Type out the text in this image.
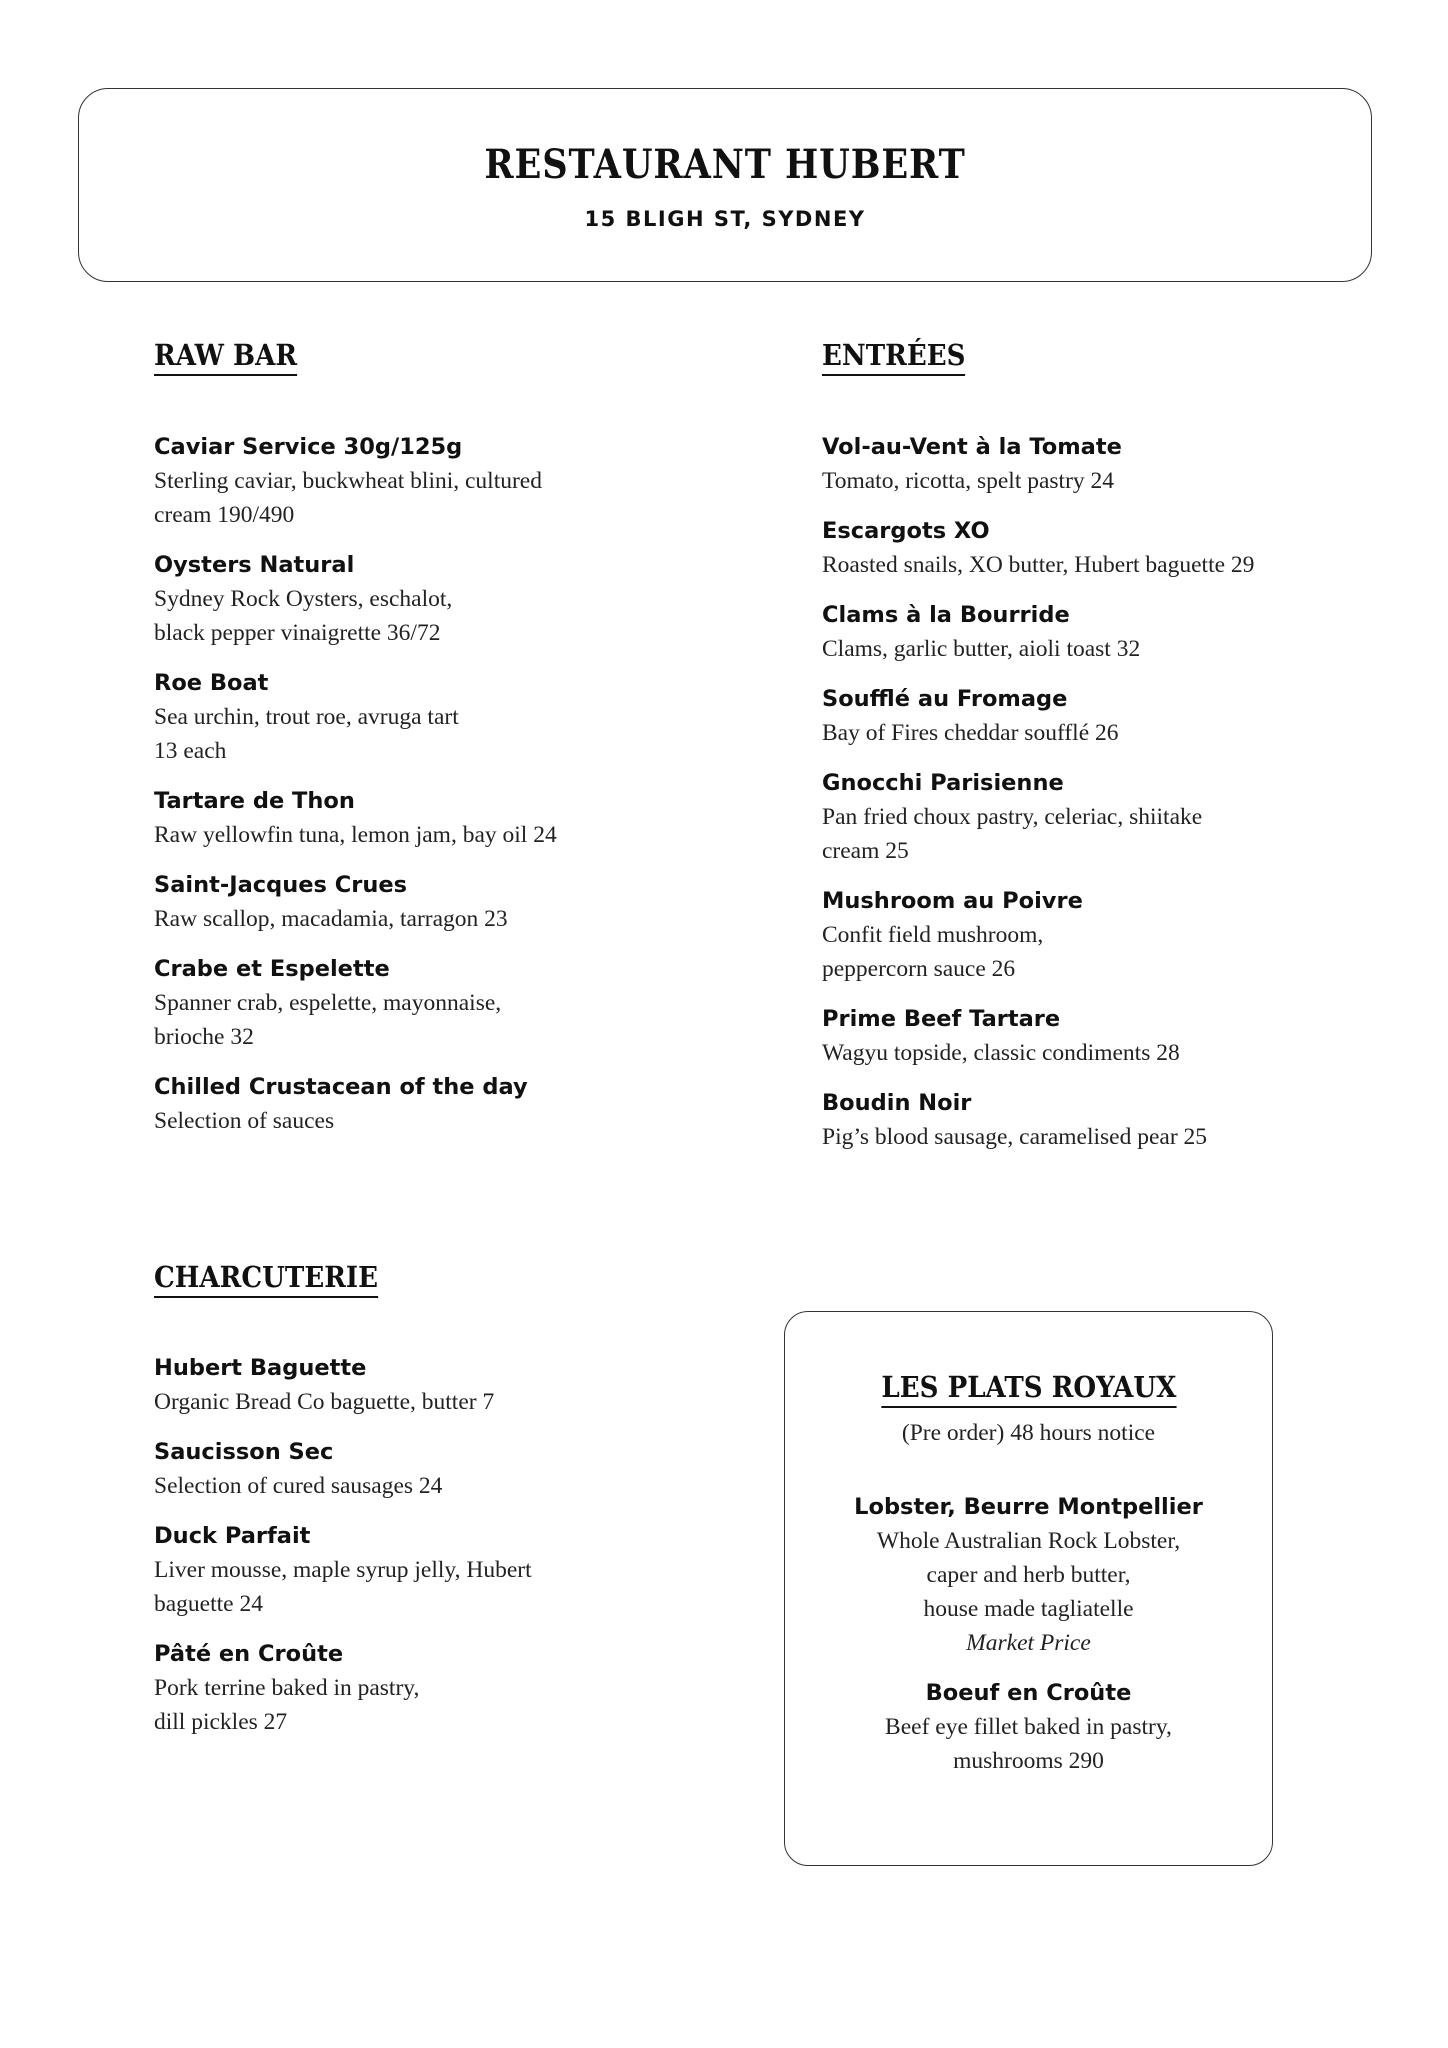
RESTAURANT HUBERT
15 BLIGH ST, SYDNEY
RAW BAR
Caviar Service 30g/125g
Sterling caviar, buckwheat blini, cultured
cream 190/490
Oysters Natural
Sydney Rock Oysters, eschalot,
black pepper vinaigrette 36/72
Roe Boat
Sea urchin, trout roe, avruga tart
13 each
Tartare de Thon
Raw yellowfin tuna, lemon jam, bay oil 24
Saint-Jacques Crues
Raw scallop, macadamia, tarragon 23
Crabe et Espelette
Spanner crab, espelette, mayonnaise,
brioche 32
Chilled Crustacean of the day
Selection of sauces
ENTRÉES
Vol-au-Vent à la Tomate
Tomato, ricotta, spelt pastry 24
Escargots XO
Roasted snails, XO butter, Hubert baguette 29
Clams à la Bourride
Clams, garlic butter, aioli toast 32
Soufflé au Fromage
Bay of Fires cheddar soufflé 26
Gnocchi Parisienne
Pan fried choux pastry, celeriac, shiitake
cream 25
Mushroom au Poivre
Confit field mushroom,
peppercorn sauce 26
Prime Beef Tartare
Wagyu topside, classic condiments 28
Boudin Noir
Pig’s blood sausage, caramelised pear 25
CHARCUTERIE
Hubert Baguette
Organic Bread Co baguette, butter 7
Saucisson Sec
Selection of cured sausages 24
Duck Parfait
Liver mousse, maple syrup jelly, Hubert
baguette 24
Pâté en Croûte
Pork terrine baked in pastry,
dill pickles 27
LES PLATS ROYAUX
(Pre order) 48 hours notice
Lobster, Beurre Montpellier
Whole Australian Rock Lobster,
caper and herb butter,
house made tagliatelle
Market Price
Boeuf en Croûte
Beef eye fillet baked in pastry,
mushrooms 290
